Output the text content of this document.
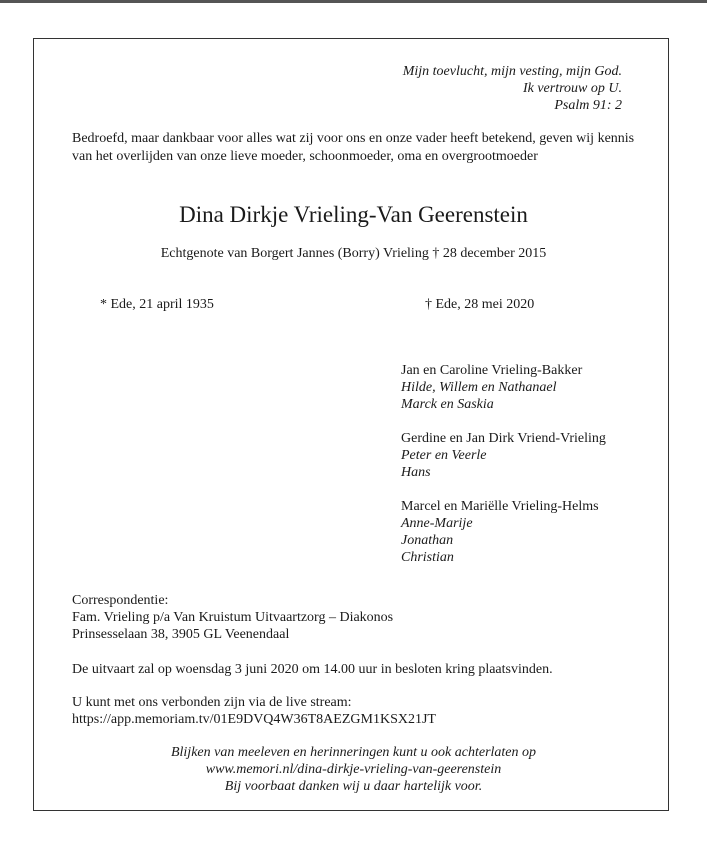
Mijn toevlucht, mijn vesting, mijn God.
Ik vertrouw op U.
Psalm 91: 2
Bedroefd, maar dankbaar voor alles wat zij voor ons en onze vader heeft betekend, geven wij kennis van het overlijden van onze lieve moeder, schoonmoeder, oma en overgrootmoeder
Dina Dirkje Vrieling-Van Geerenstein
Echtgenote van Borgert Jannes (Borry) Vrieling † 28 december 2015
* Ede, 21 april 1935	† Ede, 28 mei 2020
Jan en Caroline Vrieling-Bakker
Hilde, Willem en Nathanael
Marck en Saskia
Gerdine en Jan Dirk Vriend-Vrieling
Peter en Veerle
Hans
Marcel en Mariëlle Vrieling-Helms
Anne-Marije
Jonathan
Christian
Correspondentie:
Fam. Vrieling p/a Van Kruistum Uitvaartzorg – Diakonos
Prinsesselaan 38, 3905 GL Veenendaal
De uitvaart zal op woensdag 3 juni 2020 om 14.00 uur in besloten kring plaatsvinden.
U kunt met ons verbonden zijn via de live stream:
https://app.memoriam.tv/01E9DVQ4W36T8AEZGM1KSX21JT
Blijken van meeleven en herinneringen kunt u ook achterlaten op
www.memori.nl/dina-dirkje-vrieling-van-geerenstein
Bij voorbaat danken wij u daar hartelijk voor.
